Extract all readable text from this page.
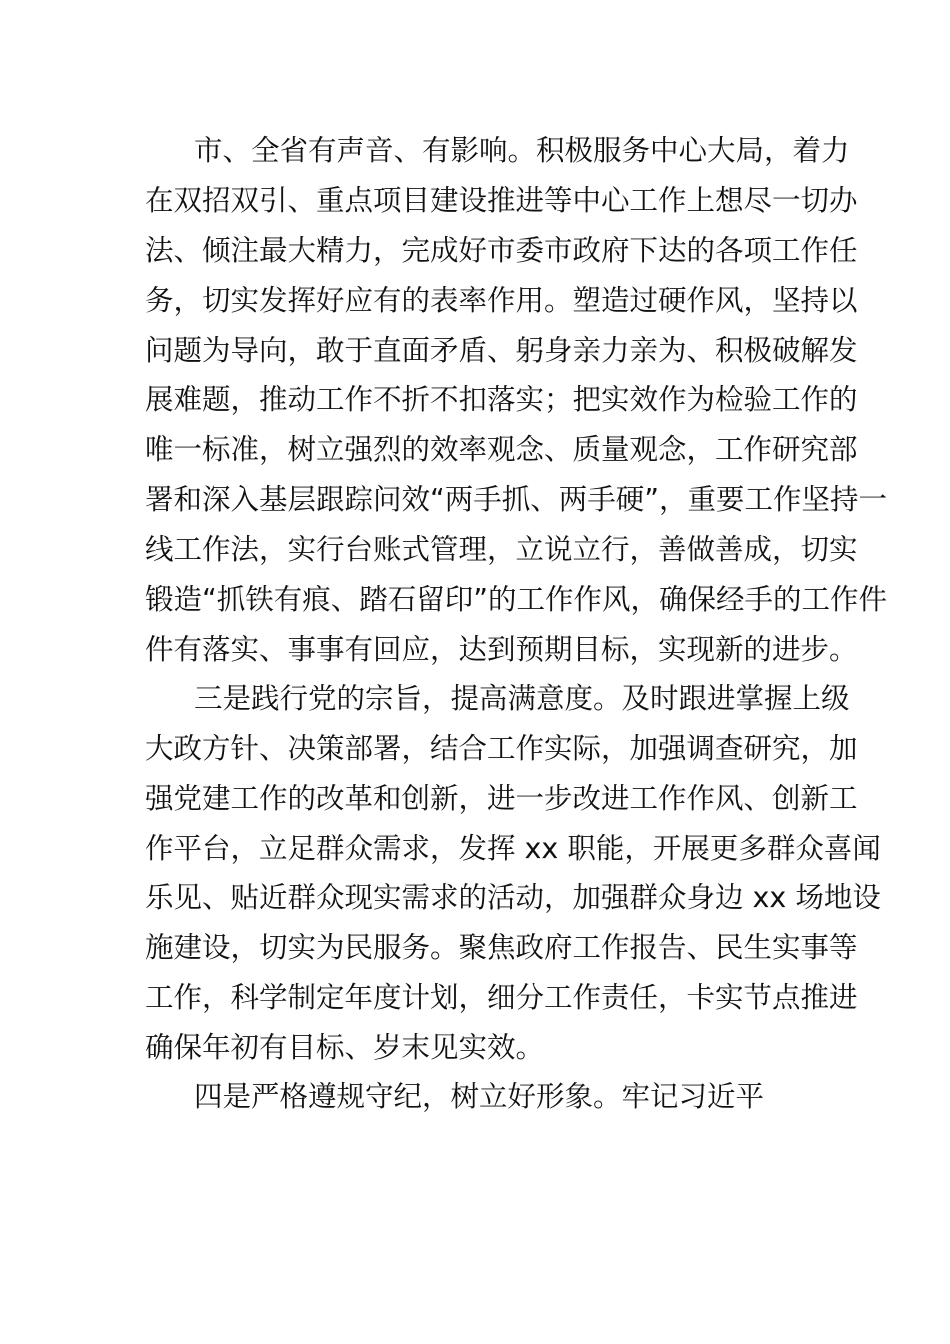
市、全省有声音、有影响。积极服务中心大局，着力
在双招双引、重点项目建设推进等中心工作上想尽一切办
法、倾注最大精力，完成好市委市政府下达的各项工作任
务，切实发挥好应有的表率作用。塑造过硬作风，坚持以
问题为导向，敢于直面矛盾、躬身亲力亲为、积极破解发
展难题，推动工作不折不扣落实；把实效作为检验工作的
唯一标准，树立强烈的效率观念、质量观念，工作研究部
署和深入基层跟踪问效“两手抓、两手硬”，重要工作坚持一
线工作法，实行台账式管理，立说立行，善做善成，切实
锻造“抓铁有痕、踏石留印”的工作作风，确保经手的工作件
件有落实、事事有回应，达到预期目标，实现新的进步。
三是践行党的宗旨，提高满意度。及时跟进掌握上级
大政方针、决策部署，结合工作实际，加强调查研究，加
强党建工作的改革和创新，进一步改进工作作风、创新工
作平台，立足群众需求，发挥 xx 职能，开展更多群众喜闻
乐见、贴近群众现实需求的活动，加强群众身边 xx 场地设
施建设，切实为民服务。聚焦政府工作报告、民生实事等
工作，科学制定年度计划，细分工作责任，卡实节点推进
确保年初有目标、岁末见实效。
四是严格遵规守纪，树立好形象。牢记习近平
